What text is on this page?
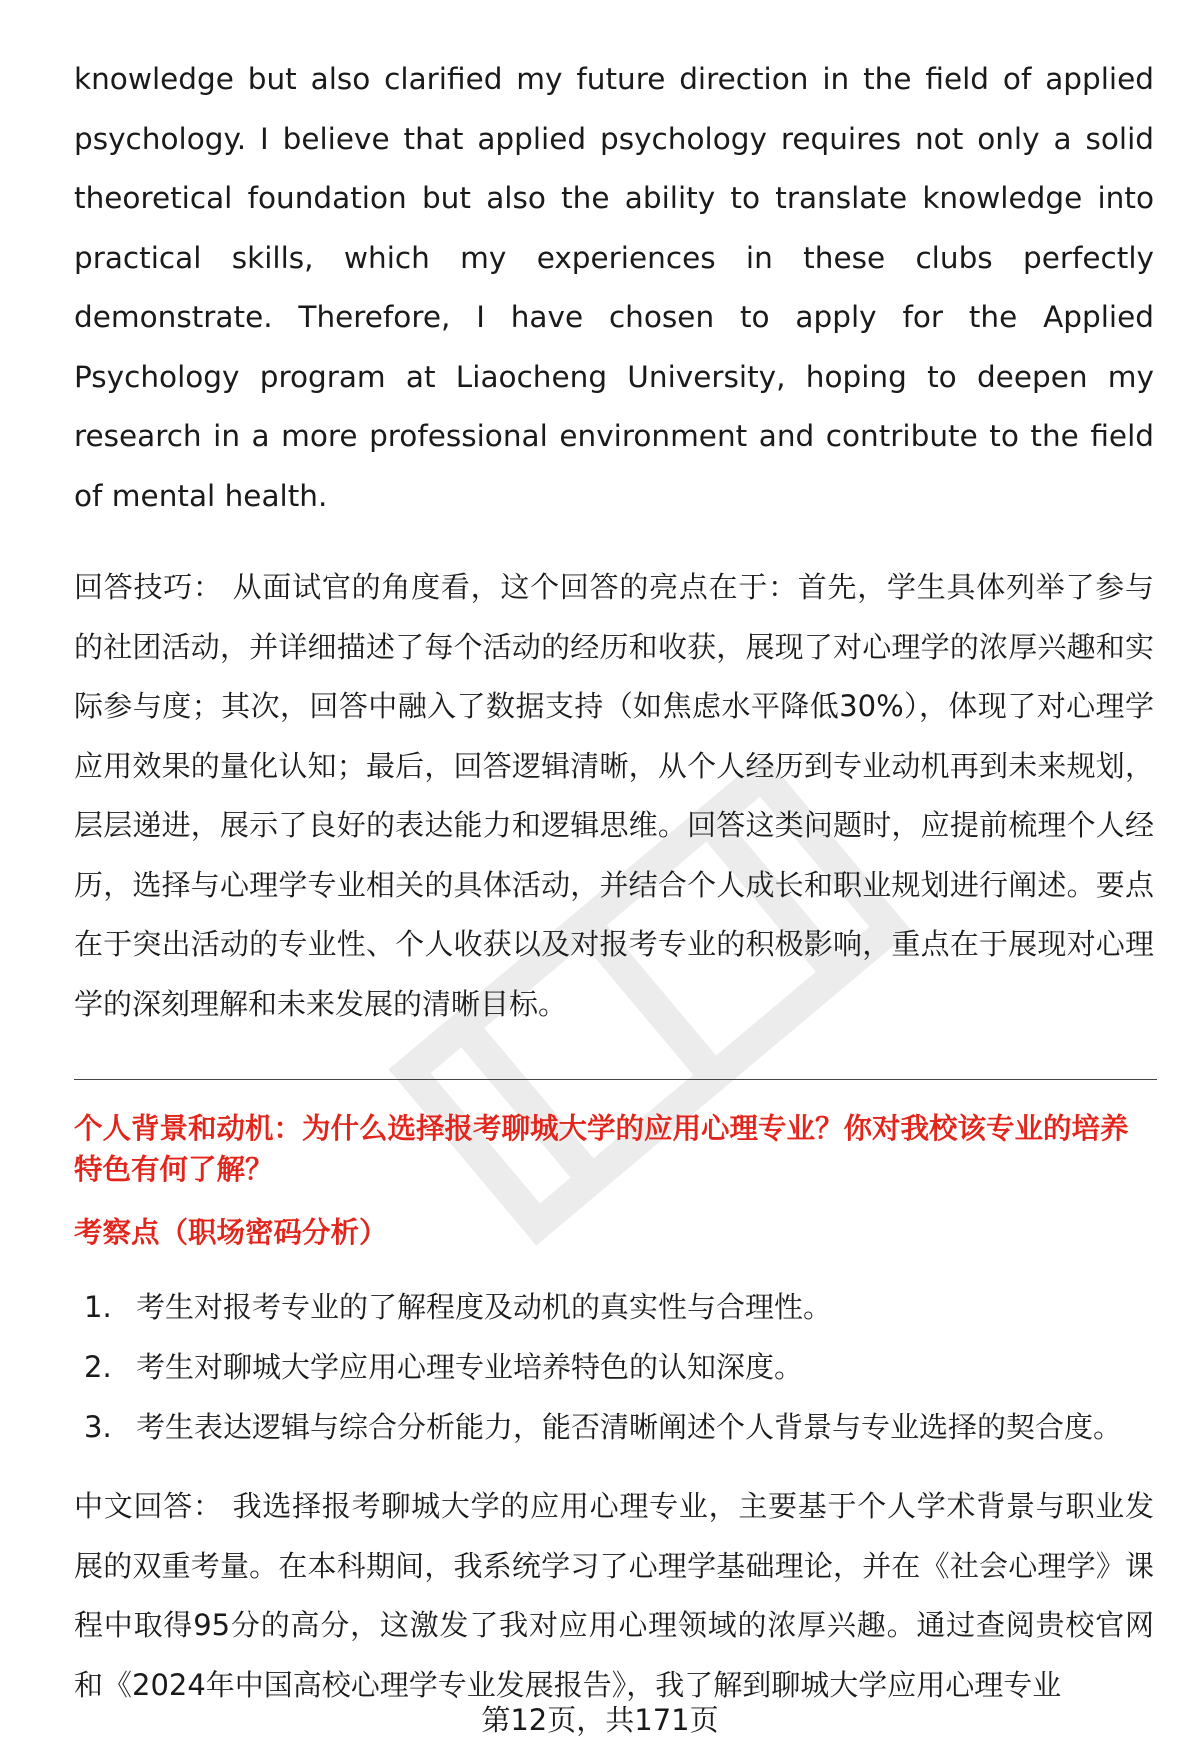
knowledge but also clarified my future direction in the field of applied psychology. I believe that applied psychology requires not only a solid theoretical foundation but also the ability to translate knowledge into practical skills, which my experiences in these clubs perfectly demonstrate. Therefore, I have chosen to apply for the Applied Psychology program at Liaocheng University, hoping to deepen my research in a more professional environment and contribute to the field of mental health.

回答技巧： 从面试官的角度看，这个回答的亮点在于：首先，学生具体列举了参与的社团活动，并详细描述了每个活动的经历和收获，展现了对心理学的浓厚兴趣和实际参与度；其次，回答中融入了数据支持（如焦虑水平降低30%），体现了对心理学应用效果的量化认知；最后，回答逻辑清晰，从个人经历到专业动机再到未来规划，层层递进，展示了良好的表达能力和逻辑思维。回答这类问题时，应提前梳理个人经历，选择与心理学专业相关的具体活动，并结合个人成长和职业规划进行阐述。要点在于突出活动的专业性、个人收获以及对报考专业的积极影响，重点在于展现对心理学的深刻理解和未来发展的清晰目标。

个人背景和动机：为什么选择报考聊城大学的应用心理专业？你对我校该专业的培养特色有何了解？

考察点（职场密码分析）

1. 考生对报考专业的了解程度及动机的真实性与合理性。
2. 考生对聊城大学应用心理专业培养特色的认知深度。
3. 考生表达逻辑与综合分析能力，能否清晰阐述个人背景与专业选择的契合度。

中文回答： 我选择报考聊城大学的应用心理专业，主要基于个人学术背景与职业发展的双重考量。在本科期间，我系统学习了心理学基础理论，并在《社会心理学》课程中取得95分的高分，这激发了我对应用心理领域的浓厚兴趣。通过查阅贵校官网和《2024年中国高校心理学专业发展报告》，我了解到聊城大学应用心理专业

第12页，共171页
